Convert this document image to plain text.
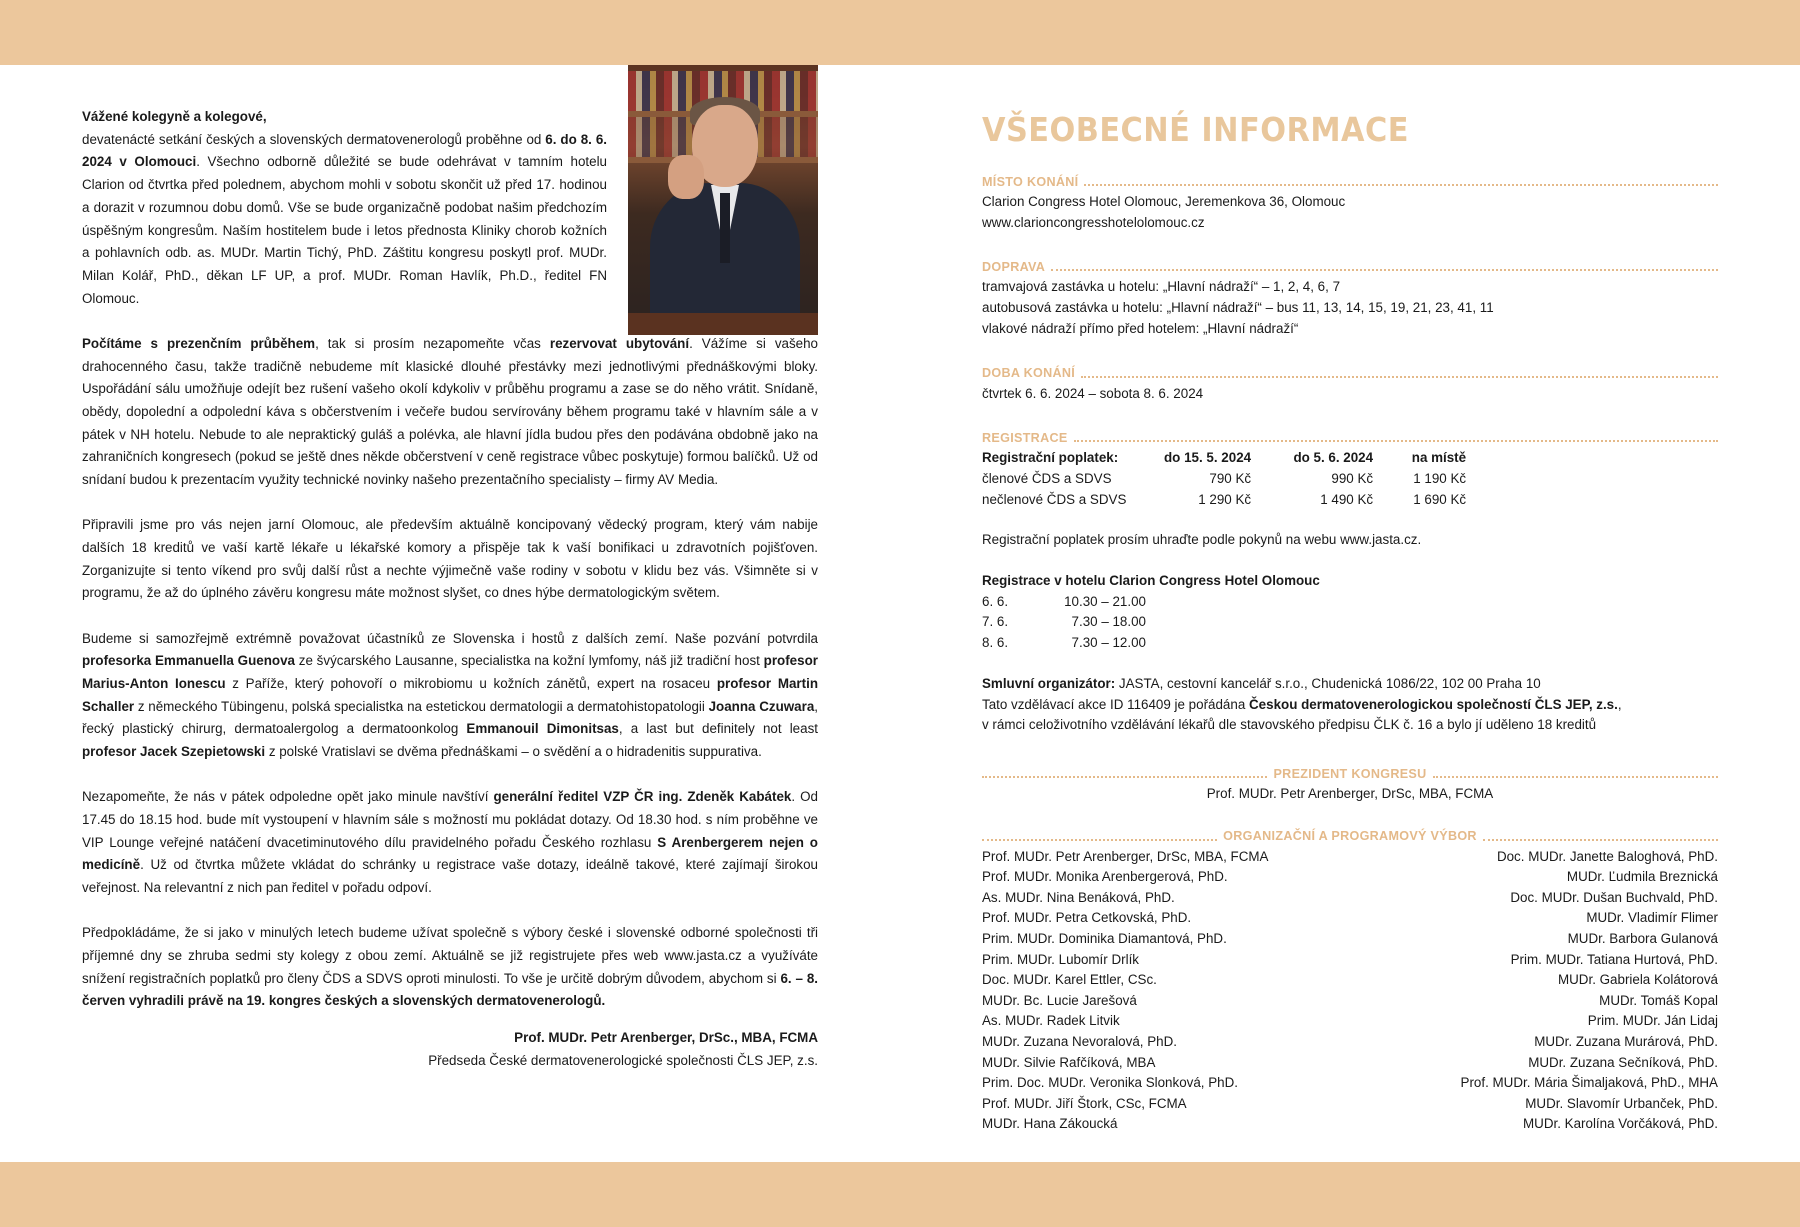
Vážené kolegyně a kolegové,
devatenácté setkání českých a slovenských dermatovenerologů proběhne od 6. do 8. 6. 2024 v Olomouci. Všechno odborně důležité se bude odehrávat v tamním hotelu Clarion od čtvrtka před polednem, abychom mohli v sobotu skončit už před 17. hodinou a dorazit v rozumnou dobu domů. Vše se bude organizačně podobat našim předchozím úspěšným kongresům. Naším hostitelem bude i letos přednosta Kliniky chorob kožních a pohlavních odb. as. MUDr. Martin Tichý, PhD. Záštitu kongresu poskytl prof. MUDr. Milan Kolář, PhD., děkan LF UP, a prof. MUDr. Roman Havlík, Ph.D., ředitel FN Olomouc.

Počítáme s prezenčním průběhem, tak si prosím nezapomeňte včas rezervovat ubytování. Vážíme si vašeho drahocenného času, takže tradičně nebudeme mít klasické dlouhé přestávky mezi jednotlivými přednáškovými bloky. Uspořádání sálu umožňuje odejít bez rušení vašeho okolí kdykoliv v průběhu programu a zase se do něho vrátit. Snídaně, obědy, dopolední a odpolední káva s občerstvením i večeře budou servírovány během programu také v hlavním sále a v pátek v NH hotelu. Nebude to ale nepraktický guláš a polévka, ale hlavní jídla budou přes den podávána obdobně jako na zahraničních kongresech (pokud se ještě dnes někde občerstvení v ceně registrace vůbec poskytuje) formou balíčků. Už od snídaní budou k prezentacím využity technické novinky našeho prezentačního specialisty – firmy AV Media.

Připravili jsme pro vás nejen jarní Olomouc, ale především aktuálně koncipovaný vědecký program, který vám nabije dalších 18 kreditů ve vaší kartě lékaře u lékařské komory a přispěje tak k vaší bonifikaci u zdravotních pojišťoven. Zorganizujte si tento víkend pro svůj další růst a nechte výjimečně vaše rodiny v sobotu v klidu bez vás. Všimněte si v programu, že až do úplného závěru kongresu máte možnost slyšet, co dnes hýbe dermatologickým světem.

Budeme si samozřejmě extrémně považovat účastníků ze Slovenska i hostů z dalších zemí. Naše pozvání potvrdila profesorka Emmanuella Guenova ze švýcarského Lausanne, specialistka na kožní lymfomy, náš již tradiční host profesor Marius-Anton Ionescu z Paříže, který pohovoří o mikrobiomu u kožních zánětů, expert na rosaceu profesor Martin Schaller z německého Tübingenu, polská specialistka na estetickou dermatologii a dermatohistopatologii Joanna Czuwara, řecký plastický chirurg, dermatoalergolog a dermatoonkolog Emmanouil Dimonitsas, a last but definitely not least profesor Jacek Szepietowski z polské Vratislavi se dvěma přednáškami – o svědění a o hidradenitis suppurativa.

Nezapomeňte, že nás v pátek odpoledne opět jako minule navštíví generální ředitel VZP ČR ing. Zdeněk Kabátek. Od 17.45 do 18.15 hod. bude mít vystoupení v hlavním sále s možností mu pokládat dotazy. Od 18.30 hod. s ním proběhne ve VIP Lounge veřejné natáčení dvacetiminutového dílu pravidelného pořadu Českého rozhlasu S Arenbergerem nejen o medicíně. Už od čtvrtka můžete vkládat do schránky u registrace vaše dotazy, ideálně takové, které zajímají širokou veřejnost. Na relevantní z nich pan ředitel v pořadu odpoví.

Předpokládáme, že si jako v minulých letech budeme užívat společně s výbory české i slovenské odborné společnosti tři příjemné dny se zhruba sedmi sty kolegy z obou zemí. Aktuálně se již registrujete přes web www.jasta.cz a využíváte snížení registračních poplatků pro členy ČDS a SDVS oproti minulosti. To vše je určitě dobrým důvodem, abychom si 6. – 8. červen vyhradili právě na 19. kongres českých a slovenských dermatovenerologů.

Prof. MUDr. Petr Arenberger, DrSc., MBA, FCMA
Předseda České dermatovenerologické společnosti ČLS JEP, z.s.
VŠEOBECNÉ INFORMACE
MÍSTO KONÁNÍ

Clarion Congress Hotel Olomouc, Jeremenkova 36, Olomouc

www.clarioncongresshotelolomouc.cz

DOPRAVA

tramvajová zastávka u hotelu: „Hlavní nádraží“ – 1, 2, 4, 6, 7

autobusová zastávka u hotelu: „Hlavní nádraží“ – bus 11, 13, 14, 15, 19, 21, 23, 41, 11

vlakové nádraží přímo před hotelem: „Hlavní nádraží“

DOBA KONÁNÍ

čtvrtek 6. 6. 2024 – sobota 8. 6. 2024

REGISTRACE
Registrační poplatek:	do 15. 5. 2024	do 5. 6. 2024	na místě
členové ČDS a SDVS	790 Kč	990 Kč	1 190 Kč
nečlenové ČDS a SDVS	1 290 Kč	1 490 Kč	1 690 Kč

Registrační poplatek prosím uhraďte podle pokynů na webu www.jasta.cz.

Registrace v hotelu Clarion Congress Hotel Olomouc

6. 6.	10.30 – 21.00
7. 6.	7.30 – 18.00
8. 6.	7.30 – 12.00

Smluvní organizátor: JASTA, cestovní kancelář s.r.o., Chudenická 1086/22, 102 00 Praha 10

Tato vzdělávací akce ID 116409 je pořádána Českou dermatovenerologickou společností ČLS JEP, z.s.,

v rámci celoživotního vzdělávání lékařů dle stavovského předpisu ČLK č. 16 a bylo jí uděleno 18 kreditů

PREZIDENT KONGRESU

Prof. MUDr. Petr Arenberger, DrSc, MBA, FCMA

ORGANIZAČNÍ A PROGRAMOVÝ VÝBOR
Prof. MUDr. Petr Arenberger, DrSc, MBA, FCMA
Prof. MUDr. Monika Arenbergerová, PhD.
As. MUDr. Nina Benáková, PhD.
Prof. MUDr. Petra Cetkovská, PhD.
Prim. MUDr. Dominika Diamantová, PhD.
Prim. MUDr. Lubomír Drlík
Doc. MUDr. Karel Ettler, CSc.
MUDr. Bc. Lucie Jarešová
As. MUDr. Radek Litvik
MUDr. Zuzana Nevoralová, PhD.
MUDr. Silvie Rafčíková, MBA
Prim. Doc. MUDr. Veronika Slonková, PhD.
Prof. MUDr. Jiří Štork, CSc, FCMA
MUDr. Hana Zákoucká
Doc. MUDr. Janette Baloghová, PhD.
MUDr. Ľudmila Breznická
Doc. MUDr. Dušan Buchvald, PhD.
MUDr. Vladimír Flimer
MUDr. Barbora Gulanová
Prim. MUDr. Tatiana Hurtová, PhD.
MUDr. Gabriela Kolátorová
MUDr. Tomáš Kopal
Prim. MUDr. Ján Lidaj
MUDr. Zuzana Murárová, PhD.
MUDr. Zuzana Sečníková, PhD.
Prof. MUDr. Mária Šimaljaková, PhD., MHA
MUDr. Slavomír Urbanček, PhD.
MUDr. Karolína Vorčáková, PhD.
